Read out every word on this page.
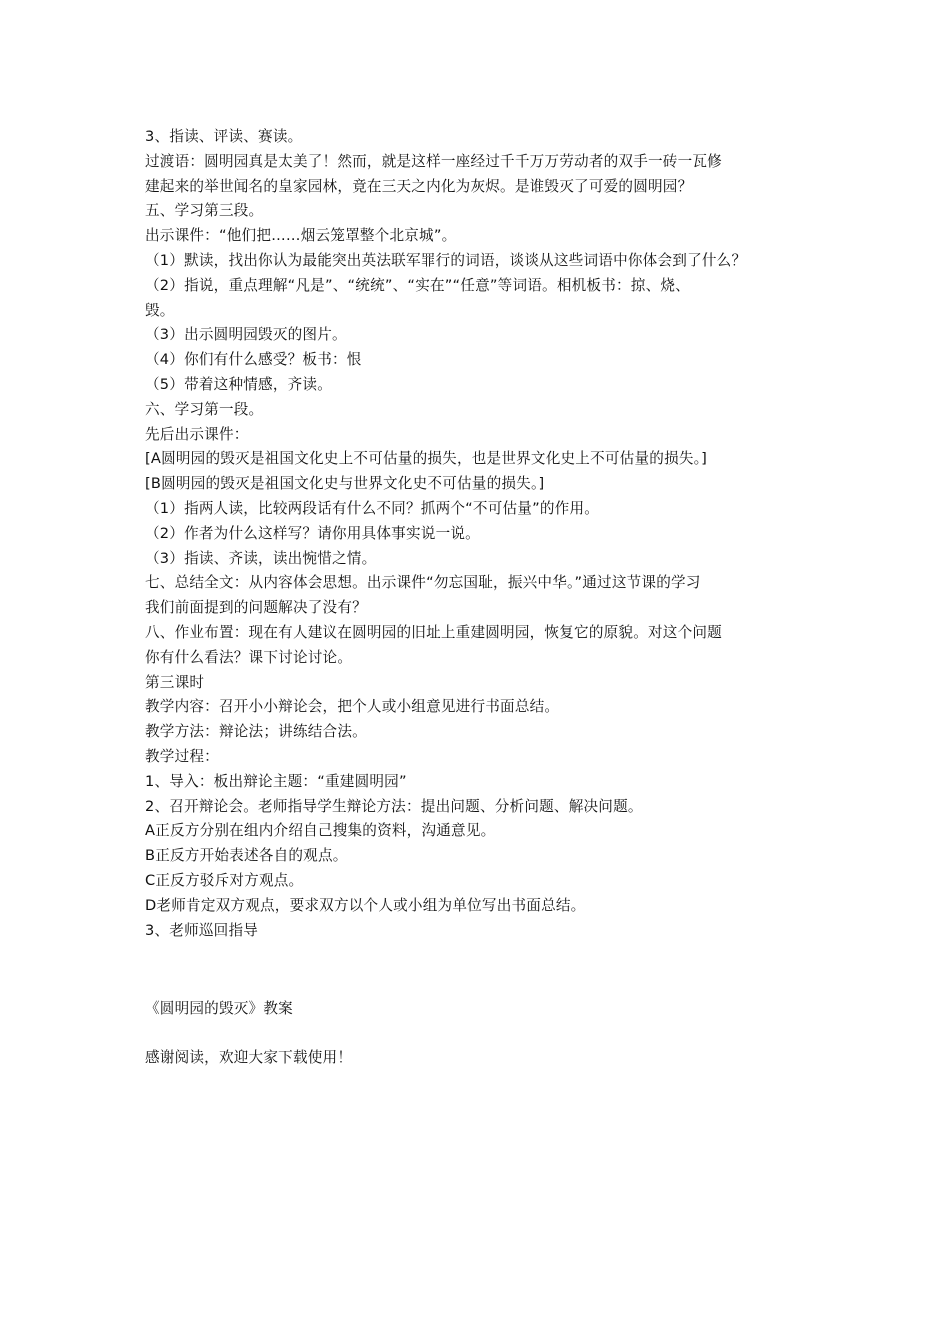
3、指读、评读、赛读。
过渡语：圆明园真是太美了！然而，就是这样一座经过千千万万劳动者的双手一砖一瓦修
建起来的举世闻名的皇家园林，竟在三天之内化为灰烬。是谁毁灭了可爱的圆明园？
五、学习第三段。
出示课件：“他们把……烟云笼罩整个北京城”。
（1）默读，找出你认为最能突出英法联军罪行的词语，谈谈从这些词语中你体会到了什么？
（2）指说，重点理解“凡是”、“统统”、“实在”“任意”等词语。相机板书：掠、烧、
毁。
（3）出示圆明园毁灭的图片。
（4）你们有什么感受？板书：恨
（5）带着这种情感，齐读。
六、学习第一段。
先后出示课件：
[A圆明园的毁灭是祖国文化史上不可估量的损失，也是世界文化史上不可估量的损失。]
[B圆明园的毁灭是祖国文化史与世界文化史不可估量的损失。]
（1）指两人读，比较两段话有什么不同？抓两个“不可估量”的作用。
（2）作者为什么这样写？请你用具体事实说一说。
（3）指读、齐读，读出惋惜之情。
七、总结全文：从内容体会思想。出示课件“勿忘国耻，振兴中华。”通过这节课的学习
我们前面提到的问题解决了没有？
八、作业布置：现在有人建议在圆明园的旧址上重建圆明园，恢复它的原貌。对这个问题
你有什么看法？课下讨论讨论。
第三课时
教学内容：召开小小辩论会，把个人或小组意见进行书面总结。
教学方法：辩论法；讲练结合法。
教学过程：
1、导入：板出辩论主题：“重建圆明园”
2、召开辩论会。老师指导学生辩论方法：提出问题、分析问题、解决问题。
A正反方分别在组内介绍自己搜集的资料，沟通意见。
B正反方开始表述各自的观点。
C正反方驳斥对方观点。
D老师肯定双方观点，要求双方以个人或小组为单位写出书面总结。
3、老师巡回指导
《圆明园的毁灭》教案
感谢阅读，欢迎大家下载使用！
